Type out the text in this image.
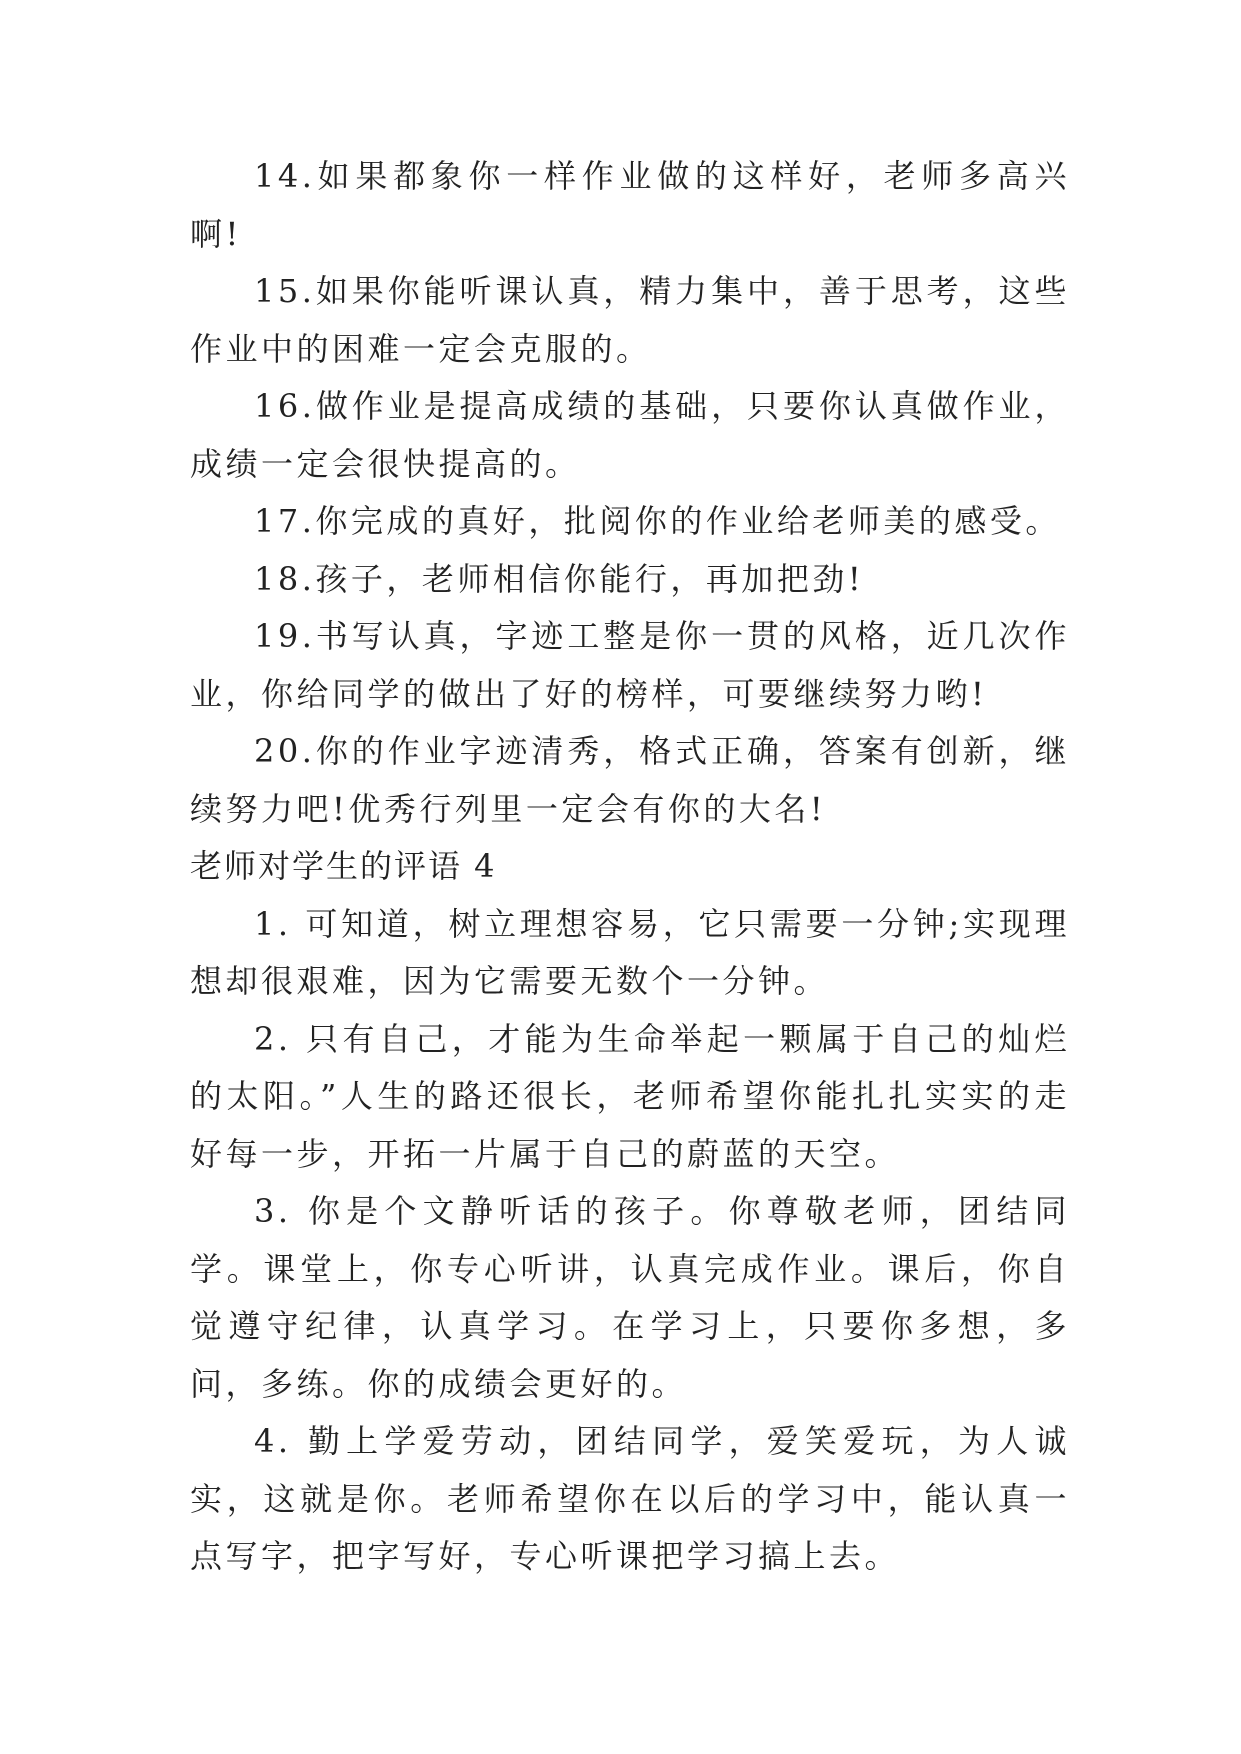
14.如果都象你一样作业做的这样好，老师多高兴啊!

15.如果你能听课认真，精力集中，善于思考，这些作业中的困难一定会克服的。

16.做作业是提高成绩的基础，只要你认真做作业，成绩一定会很快提高的。

17.你完成的真好，批阅你的作业给老师美的感受。

18.孩子，老师相信你能行，再加把劲!

19.书写认真，字迹工整是你一贯的风格，近几次作业，你给同学的做出了好的榜样，可要继续努力哟!

20.你的作业字迹清秀，格式正确，答案有创新，继续努力吧!优秀行列里一定会有你的大名!

老师对学生的评语 4

1. 可知道，树立理想容易，它只需要一分钟;实现理想却很艰难，因为它需要无数个一分钟。

2. 只有自己，才能为生命举起一颗属于自己的灿烂的太阳。”人生的路还很长，老师希望你能扎扎实实的走好每一步，开拓一片属于自己的蔚蓝的天空。

3. 你是个文静听话的孩子。你尊敬老师，团结同学。课堂上，你专心听讲，认真完成作业。课后，你自觉遵守纪律，认真学习。在学习上，只要你多想，多问，多练。你的成绩会更好的。

4. 勤上学爱劳动，团结同学，爱笑爱玩，为人诚实，这就是你。老师希望你在以后的学习中，能认真一点写字，把字写好，专心听课把学习搞上去。
